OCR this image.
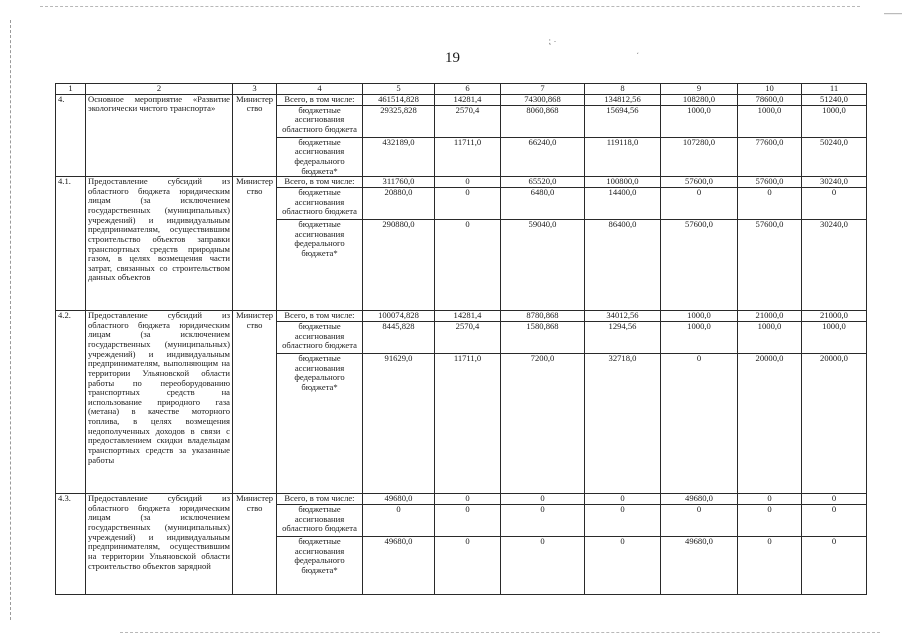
⁏ ·
ˏ
——
19
1	2	3	4	5	6	7	8	9	10	11
4.	Основное мероприятие «Развитие экологически чистого транспорта»	Министерство	Всего, в том числе:	461514,828	14281,4	74300,868	134812,56	108280,0	78600,0	51240,0
			бюджетные ассигнования областного бюджета	29325,828	2570,4	8060,868	15694,56	1000,0	1000,0	1000,0
			бюджетные ассигнования федерального бюджета*	432189,0	11711,0	66240,0	119118,0	107280,0	77600,0	50240,0
4.1.	Предоставление субсидий из областного бюджета юридическим лицам (за исключением государственных (муниципальных) учреждений) и индивидуальным предпринимателям, осуществившим строительство объектов заправки транспортных средств природным газом, в целях возмещения части затрат, связанных со строительством данных объектов	Министерство	Всего, в том числе:	311760,0	0	65520,0	100800,0	57600,0	57600,0	30240,0
			бюджетные ассигнования областного бюджета	20880,0	0	6480,0	14400,0	0	0	0
			бюджетные ассигнования федерального бюджета*	290880,0	0	59040,0	86400,0	57600,0	57600,0	30240,0
4.2.	Предоставление субсидий из областного бюджета юридическим лицам (за исключением государственных (муниципальных) учреждений) и индивидуальным предпринимателям, выполняющим на территории Ульяновской области работы по переоборудованию транспортных средств на использование природного газа (метана) в качестве моторного топлива, в целях возмещения недополученных доходов в связи с предоставлением скидки владельцам транспортных средств за указанные работы	Министерство	Всего, в том числе:	100074,828	14281,4	8780,868	34012,56	1000,0	21000,0	21000,0
			бюджетные ассигнования областного бюджета	8445,828	2570,4	1580,868	1294,56	1000,0	1000,0	1000,0
			бюджетные ассигнования федерального бюджета*	91629,0	11711,0	7200,0	32718,0	0	20000,0	20000,0
4.3.	Предоставление субсидий из областного бюджета юридическим лицам (за исключением государственных (муниципальных) учреждений) и индивидуальным предпринимателям, осуществившим на территории Ульяновской области строительство объектов зарядной	Министерство	Всего, в том числе:	49680,0	0	0	0	49680,0	0	0
			бюджетные ассигнования областного бюджета	0	0	0	0	0	0	0
			бюджетные ассигнования федерального бюджета*	49680,0	0	0	0	49680,0	0	0
